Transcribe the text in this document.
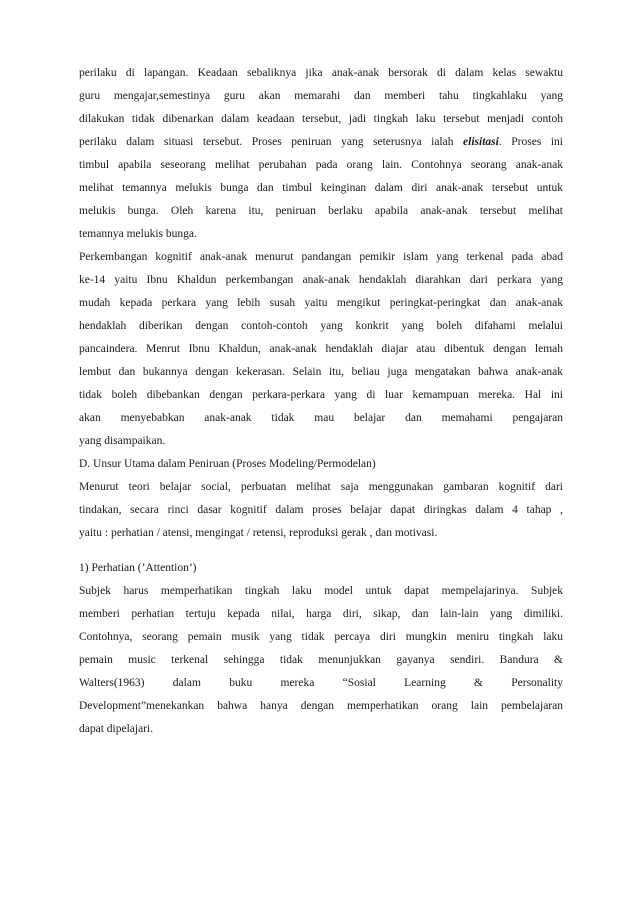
perilaku di lapangan. Keadaan sebaliknya jika anak-anak bersorak di dalam kelas sewaktu
guru mengajar,semestinya guru akan memarahi dan memberi tahu tingkahlaku yang
dilakukan tidak dibenarkan dalam keadaan tersebut, jadi tingkah laku tersebut menjadi contoh
perilaku dalam situasi tersebut. Proses peniruan yang seterusnya ialah elisitasi. Proses ini
timbul apabila seseorang melihat perubahan pada orang lain. Contohnya seorang anak-anak
melihat temannya melukis bunga dan timbul keinginan dalam diri anak-anak tersebut untuk
melukis bunga. Oleh karena itu, peniruan berlaku apabila anak-anak tersebut melihat
temannya melukis bunga.
Perkembangan kognitif anak-anak menurut pandangan pemikir islam yang terkenal pada abad
ke-14 yaitu Ibnu Khaldun perkembangan anak-anak hendaklah diarahkan dari perkara yang
mudah kepada perkara yang lebih susah yaitu mengikut peringkat-peringkat dan anak-anak
hendaklah diberikan dengan contoh-contoh yang konkrit yang boleh difahami melalui
pancaindera. Menrut Ibnu Khaldun, anak-anak hendaklah diajar atau dibentuk dengan lemah
lembut dan bukannya dengan kekerasan. Selain itu, beliau juga mengatakan bahwa anak-anak
tidak boleh dibebankan dengan perkara-perkara yang di luar kemampuan mereka. Hal ini
akan menyebabkan anak-anak tidak mau belajar dan memahami pengajaran
yang disampaikan.
D. Unsur Utama dalam Peniruan (Proses Modeling/Permodelan)
Menurut teori belajar social, perbuatan melihat saja menggunakan gambaran kognitif dari
tindakan, secara rinci dasar kognitif dalam proses belajar dapat diringkas dalam 4 tahap ,
yaitu : perhatian / atensi, mengingat / retensi, reproduksi gerak , dan motivasi.
1) Perhatian (’Attention’)
Subjek harus memperhatikan tingkah laku model untuk dapat mempelajarinya. Subjek
memberi perhatian tertuju kepada nilai, harga diri, sikap, dan lain-lain yang dimiliki.
Contohnya, seorang pemain musik yang tidak percaya diri mungkin meniru tingkah laku
pemain music terkenal sehingga tidak menunjukkan gayanya sendiri. Bandura &
Walters(1963) dalam buku mereka “Sosial Learning & Personality
Development”menekankan bahwa hanya dengan memperhatikan orang lain pembelajaran
dapat dipelajari.
